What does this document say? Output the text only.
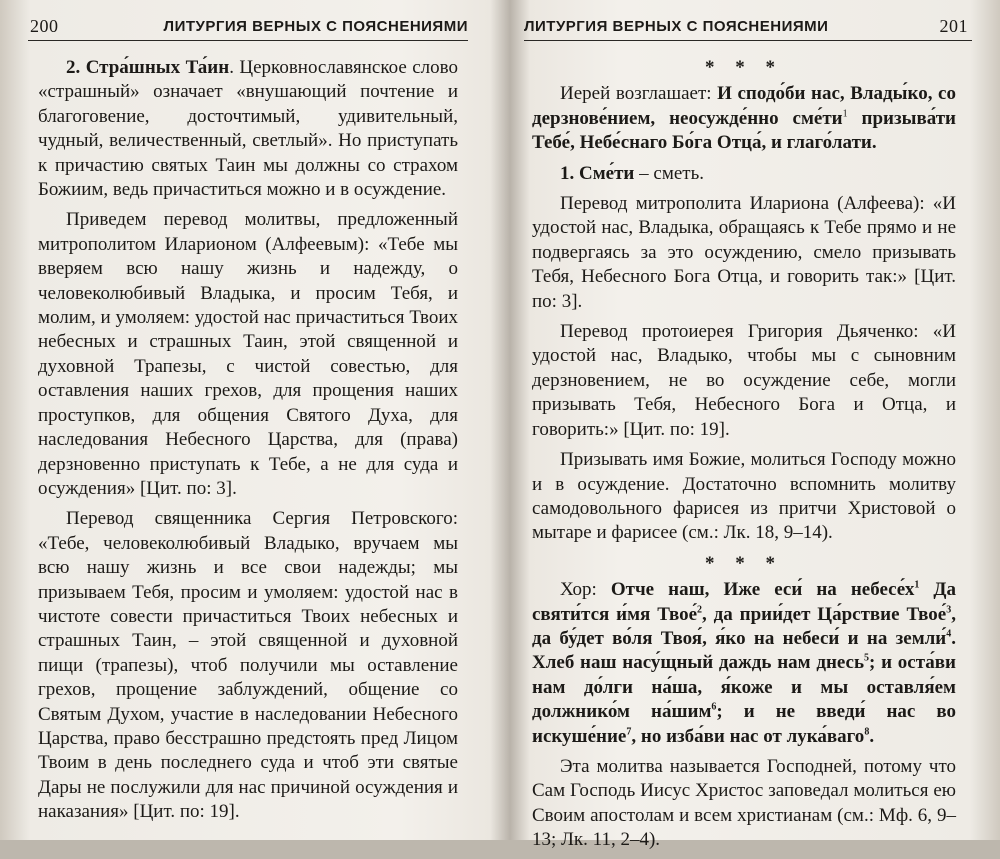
200	ЛИТУРГИЯ ВЕРНЫХ С ПОЯСНЕНИЯМИ

2. Стра́шных Та́ин. Церковнославянское слово «страшный» означает «внушающий почтение и благоговение, досточтимый, удивительный, чудный, величественный, светлый». Но приступать к причастию святых Таин мы должны со страхом Божиим, ведь причаститься можно и в осуждение.

Приведем перевод молитвы, предложенный митрополитом Иларионом (Алфеевым): «Тебе мы вверяем всю нашу жизнь и надежду, о человеколюбивый Владыка, и просим Тебя, и молим, и умоляем: удостой нас причаститься Твоих небесных и страшных Таин, этой священной и духовной Трапезы, с чистой совестью, для оставления наших грехов, для прощения наших проступков, для общения Святого Духа, для наследования Небесного Царства, для (права) дерзновенно приступать к Тебе, а не для суда и осуждения» [Цит. по: 3].

Перевод священника Сергия Петровского: «Тебе, человеколюбивый Владыко, вручаем мы всю нашу жизнь и все свои надежды; мы призываем Тебя, просим и умоляем: удостой нас в чистоте совести причаститься Твоих небесных и страшных Таин, – этой священной и духовной пищи (трапезы), чтоб получили мы оставление грехов, прощение заблуждений, общение со Святым Духом, участие в наследовании Небесного Царства, право бесстрашно предстоять пред Лицом Твоим в день последнего суда и чтоб эти святые Дары не послужили для нас причиной осуждения и наказания» [Цит. по: 19].

ЛИТУРГИЯ ВЕРНЫХ С ПОЯСНЕНИЯМИ	201

* * *

Иерей возглашает: И сподо́би нас, Влады́ко, со дерзнове́нием, неосужде́нно $сме́ти^1$ призыва́ти Тебе́, Небе́снаго Бо́га Отца́, и глаго́лати.

1. Сме́ти – сметь.

Перевод митрополита Илариона (Алфеева): «И удостой нас, Владыка, обращаясь к Тебе прямо и не подвергаясь за это осуждению, смело призывать Тебя, Небесного Бога Отца, и говорить так:» [Цит. по: 3].

Перевод протоиерея Григория Дьяченко: «И удостой нас, Владыко, чтобы мы с сыновним дерзновением, не во осуждение себе, могли призывать Тебя, Небесного Бога и Отца, и говорить:» [Цит. по: 19].

Призывать имя Божие, молиться Господу можно и в осуждение. Достаточно вспомнить молитву самодовольного фарисея из притчи Христовой о мытаре и фарисее (см.: Лк. 18, 9–14).

* * *

Хор: Отче наш, Иже еси́ на $небесе́х^1$ Да святи́тся и́мя Твое́$^2$, да прии́дет Ца́рствие Твое́$^3$, да бу́дет во́ля Твоя́, я́ко на небеси́ и на земли́$^4$. Хлеб наш насу́щный даждь нам днесь$^5$; и оста́ви нам до́лги на́ша, я́коже и мы оставля́ем должнико́м на́шим$^6$; и не введи́ нас во искуше́ние$^7$, но изба́ви нас от лука́ваго$^8$.

Эта молитва называется Господней, потому что Сам Господь Иисус Христос заповедал молиться ею Своим апостолам и всем христианам (см.: Мф. 6, 9–13; Лк. 11, 2–4).
